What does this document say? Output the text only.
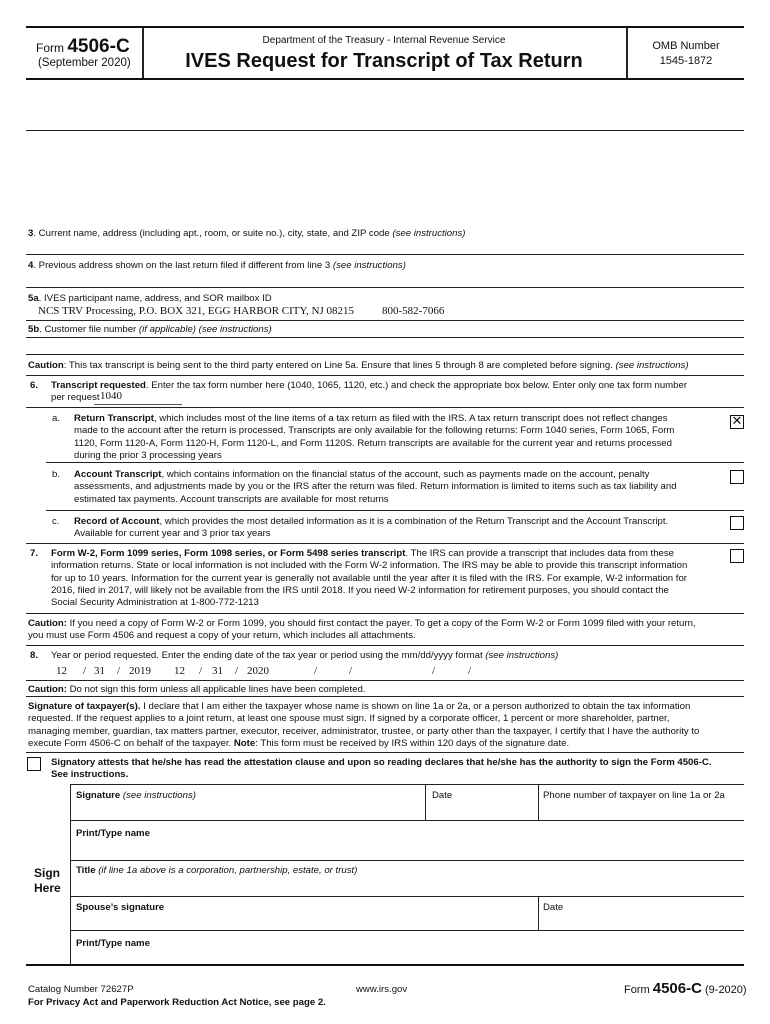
Form 4506-C
(September 2020)
Department of the Treasury - Internal Revenue Service
IVES Request for Transcript of Tax Return
OMB Number
1545-1872
3. Current name, address (including apt., room, or suite no.), city, state, and ZIP code (see instructions)
4. Previous address shown on the last return filed if different from line 3 (see instructions)
5a. IVES participant name, address, and SOR mailbox ID
NCS TRV Processing, P.O. BOX 321, EGG HARBOR CITY, NJ 08215	800-582-7066
5b. Customer file number (if applicable) (see instructions)
Caution: This tax transcript is being sent to the third party entered on Line 5a. Ensure that lines 5 through 8 are completed before signing. (see instructions)
6. Transcript requested. Enter the tax form number here (1040, 1065, 1120, etc.) and check the appropriate box below. Enter only one tax form number
per request 1040
a. Return Transcript, which includes most of the line items of a tax return as filed with the IRS. A tax return transcript does not reflect changes
made to the account after the return is processed. Transcripts are only available for the following returns: Form 1040 series, Form 1065, Form
1120, Form 1120-A, Form 1120-H, Form 1120-L, and Form 1120S. Return transcripts are available for the current year and returns processed
during the prior 3 processing years
✕
b. Account Transcript, which contains information on the financial status of the account, such as payments made on the account, penalty
assessments, and adjustments made by you or the IRS after the return was filed. Return information is limited to items such as tax liability and
estimated tax payments. Account transcripts are available for most returns
c. Record of Account, which provides the most detailed information as it is a combination of the Return Transcript and the Account Transcript.
Available for current year and 3 prior tax years
7. Form W-2, Form 1099 series, Form 1098 series, or Form 5498 series transcript. The IRS can provide a transcript that includes data from these
information returns. State or local information is not included with the Form W-2 information. The IRS may be able to provide this transcript information
for up to 10 years. Information for the current year is generally not available until the year after it is filed with the IRS. For example, W-2 information for
2016, filed in 2017, will likely not be available from the IRS until 2018. If you need W-2 information for retirement purposes, you should contact the
Social Security Administration at 1-800-772-1213
Caution: If you need a copy of Form W-2 or Form 1099, you should first contact the payer. To get a copy of the Form W-2 or Form 1099 filed with your return,
you must use Form 4506 and request a copy of your return, which includes all attachments.
8. Year or period requested. Enter the ending date of the tax year or period using the mm/dd/yyyy format (see instructions)
12 / 31 / 2019 12 / 31 / 2020	/	/	/	/
Caution: Do not sign this form unless all applicable lines have been completed.
Signature of taxpayer(s). I declare that I am either the taxpayer whose name is shown on line 1a or 2a, or a person authorized to obtain the tax information
requested. If the request applies to a joint return, at least one spouse must sign. If signed by a corporate officer, 1 percent or more shareholder, partner,
managing member, guardian, tax matters partner, executor, receiver, administrator, trustee, or party other than the taxpayer, I certify that I have the authority to
execute Form 4506-C on behalf of the taxpayer. Note: This form must be received by IRS within 120 days of the signature date.
Signatory attests that he/she has read the attestation clause and upon so reading declares that he/she has the authority to sign the Form 4506-C.
See instructions.
Sign
Here
Signature (see instructions)	Date	Phone number of taxpayer on line 1a or 2a
Print/Type name
Title (if line 1a above is a corporation, partnership, estate, or trust)
Spouse’s signature	Date
Print/Type name
Catalog Number 72627P	www.irs.gov	Form 4506-C (9-2020)
For Privacy Act and Paperwork Reduction Act Notice, see page 2.
